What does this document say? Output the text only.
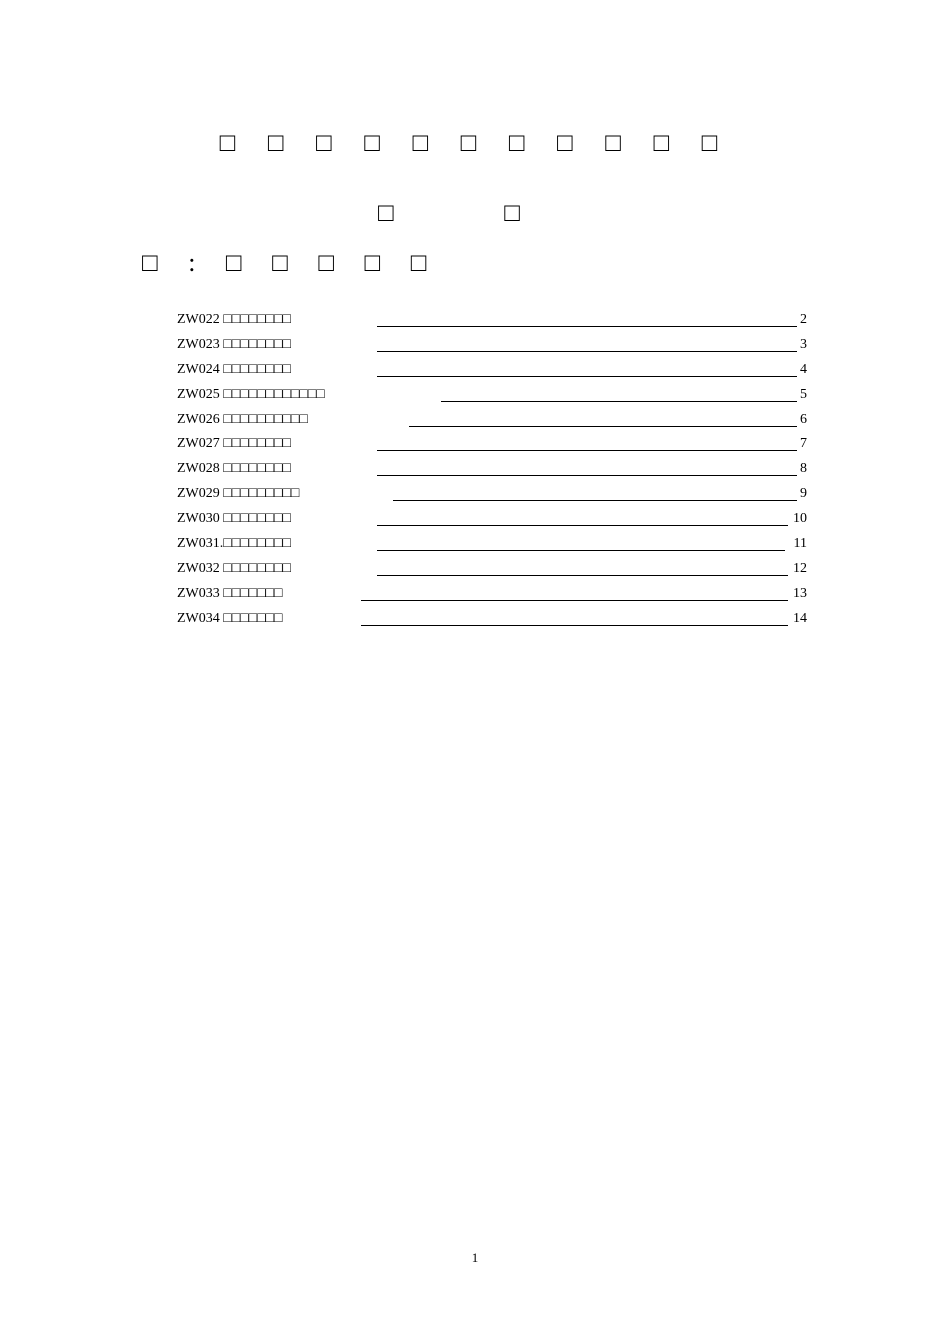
□ □ □ □ □ □ □ □ □ □ □
□ □
□ : □ □ □ □ □
ZW022 □□□□□□□□	2
ZW023 □□□□□□□□	3
ZW024 □□□□□□□□	4
ZW025 □□□□□□□□□□□□	5
ZW026 □□□□□□□□□□	6
ZW027 □□□□□□□□	7
ZW028 □□□□□□□□	8
ZW029 □□□□□□□□□	9
ZW030 □□□□□□□□	10
ZW031.□□□□□□□□	11
ZW032 □□□□□□□□	12
ZW033 □□□□□□□	13
ZW034 □□□□□□□	14
1
